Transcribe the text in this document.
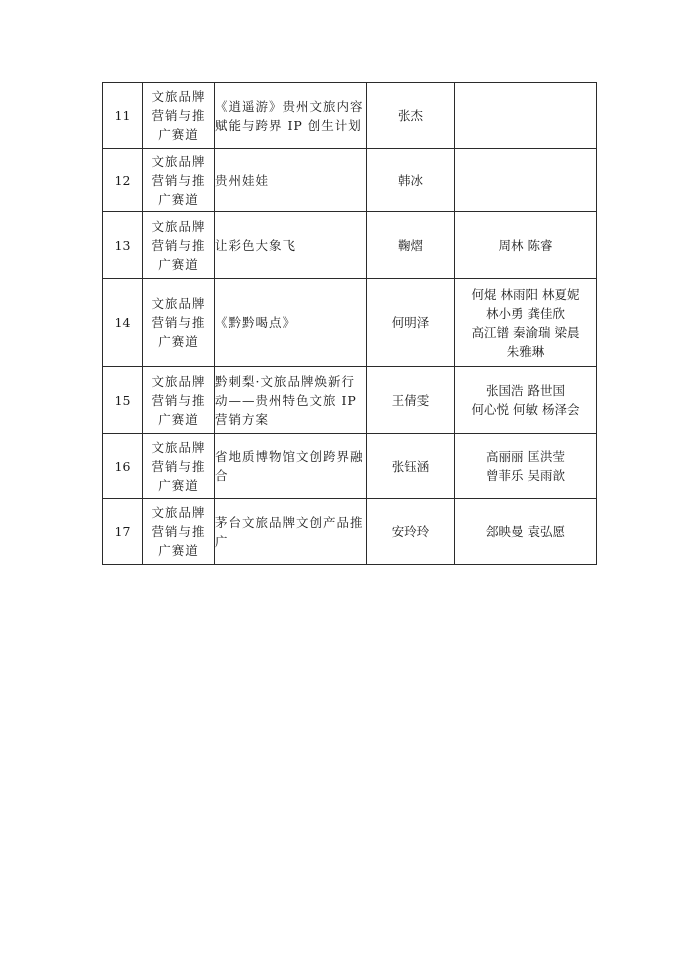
11	文旅品牌营销与推广赛道	《逍遥游》贵州文旅内容赋能与跨界 IP 创生计划	张杰	
12	文旅品牌营销与推广赛道	贵州娃娃	韩冰	
13	文旅品牌营销与推广赛道	让彩色大象飞	鞠熠	周林 陈睿

14	文旅品牌营销与推广赛道	《黔黔喝点》	何明泽	何焜 林雨阳 林夏妮
林小勇 龚佳欣
高江镨 秦渝瑞 梁晨
朱雅琳

15	文旅品牌营销与推广赛道	黔刺梨·文旅品牌焕新行动——贵州特色文旅 IP 营销方案	王倩雯	张国浩 路世国
何心悦 何敏 杨泽会

16	文旅品牌营销与推广赛道	省地质博物馆文创跨界融合	张钰涵	高丽丽 匡洪莹
曾菲乐 吴雨歆

17	文旅品牌营销与推广赛道	茅台文旅品牌文创产品推广	安玲玲	郐映曼 袁弘愿
